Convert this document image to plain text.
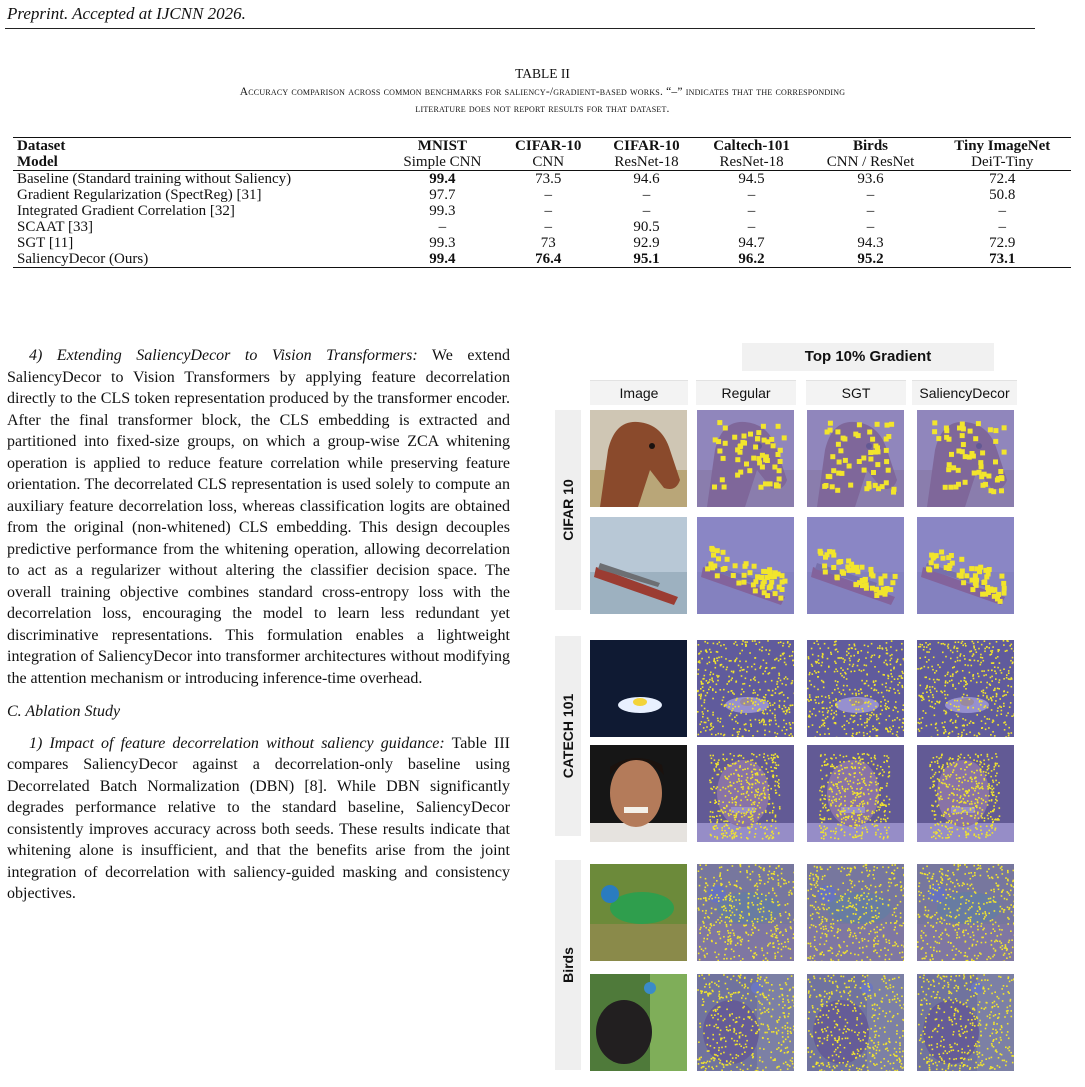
Preprint. Accepted at IJCNN 2026.
TABLE II
Accuracy comparison across common benchmarks for saliency-/gradient-based works. “–” indicates that the corresponding
literature does not report results for that dataset.
Dataset	MNIST	CIFAR-10	CIFAR-10	Caltech-101	Birds	Tiny ImageNet
Model	Simple CNN	CNN	ResNet-18	ResNet-18	CNN / ResNet	DeiT-Tiny
Baseline (Standard training without Saliency)	99.4	73.5	94.6	94.5	93.6	72.4
Gradient Regularization (SpectReg) [31]	97.7	–	–	–	–	50.8
Integrated Gradient Correlation [32]	99.3	–	–	–	–	–
SCAAT [33]	–	–	90.5	–	–	–
SGT [11]	99.3	73	92.9	94.7	94.3	72.9
SaliencyDecor (Ours)	99.4	76.4	95.1	96.2	95.2	73.1

4) Extending SaliencyDecor to Vision Transformers: We extend SaliencyDecor to Vision Transformers by applying feature decorrelation directly to the CLS token representation produced by the transformer encoder. After the final transformer block, the CLS embedding is extracted and partitioned into fixed-size groups, on which a group-wise ZCA whitening operation is applied to reduce feature correlation while preserving feature orientation. The decorrelated CLS representation is used solely to compute an auxiliary feature decorrelation loss, whereas classification logits are obtained from the original (non-whitened) CLS embedding. This design decouples predictive performance from the whitening operation, allowing decorrelation to act as a regularizer without altering the classifier decision space. The overall training objective combines standard cross-entropy loss with the decorrelation loss, encouraging the model to learn less redundant yet discriminative representations. This formulation enables a lightweight integration of SaliencyDecor into transformer architectures without modifying the attention mechanism or introducing inference-time overhead.

C. Ablation Study

1) Impact of feature decorrelation without saliency guidance: Table III compares SaliencyDecor against a decorrelation-only baseline using Decorrelated Batch Normalization (DBN) [8]. While DBN significantly degrades performance relative to the standard baseline, SaliencyDecor consistently improves accuracy across both seeds. These results indicate that whitening alone is insufficient, and that the benefits arise from the joint integration of decorrelation with saliency-guided masking and consistency objectives.

Top 10% Gradient
Image	Regular	SGT	SaliencyDecor
CIFAR 10
CATECH 101
Birds
